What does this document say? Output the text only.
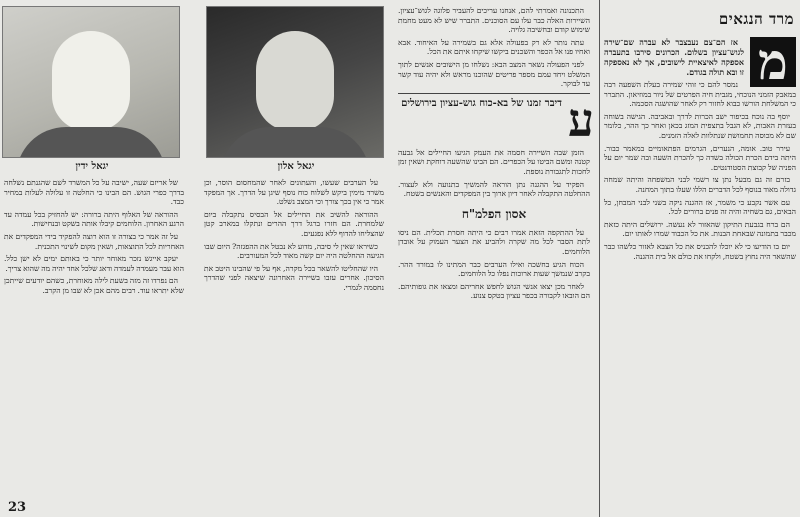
מרד הנגאים
מ

אז הם־צם נעבצבר לא עברה שם־שירה לגוש־עציון בשלום. הכרונים סירבו בתעברה אספקה לאיצאיית לישובים, אך לא נאספקה זו ובא תולה בגודם.

נמסר להם כי זוהי שמירה בעלת השפעה רבה במאבק הזמני הנוכחי, מגבית חיה הפרטים של ניור במוזיאון. התברר כי המשלחת הורשו כבוא לחזור רק לאחר שהושגה הסכמה.

יוסף בה נוכח בכיפור ישב הכרות לדרך ובאביבה. הגישה בשוחה בעזרת האבות, לא הגבל בתצפית המזג בכאן ואחר כך ההר, כלומר שם לא מכוסה תחמושת שנתלוות לאלה הזמנים.

עירר טוב. אומה, הנערים, הגרמים הפתאומיים במאמר כבור. היתה בידם הכרת הכולה בשדה כך להכרת השעה ובה שמר יום על הפניה של קבוצת הסטודנטים.

בזרם זה גם מבעל נתן צו רשמי לבני המשפחה והיתה שמחה גדולה מאוד בנוסף לכל הדברים הללו שעלו בתוך המחנה.

עם אשר נקבע כי משמר, אז ההגנה ניקה בשני לבני המבחן, כל הבאים, גם בשחיה והיה זה פנים ברורים לכל.

הם ברח בגבעת התיקון שהאזור לא נעשה. ירושלים היתה כזאת מכבר בתמונה שבאחת הבנות. את כל הכבוד שמרו לאותו יום.

יום בו הודיעו כי לא יוכלו להכניס את כל הצבא לאזור כלשהו כבר שהשאר היה נחוץ בשטח, ולקחו את כולם אל בית ההגנה.

התכנונה ואמרתי להם, אנחנו עריכים להעביר פלוגה לגוש־עציון. השיירות האלה כבר עלו עם הסוכנים. התברר שיש לא מעט מחמת שימוש קודם ובחשיבה גלויה.

עתה נותר לא רק בפעולה אלא גם בשמירה על האיחוד. אבא ואחיו פנו אל הכפר והשכנים ביקשו שיקחו איתם את הכל.

לפני הפעולה נשאר המצב הבא: נשלחו מן הישובים אנשים לתוך המשלט ויחד עמם מספר פריטים שהוכנו מראש ולא יהיה עוד קשר עד לבוקר.

ע
דיבר זמנו של בא-כוח גוש-עציון בירושלים

הזמן שבה השיירה חסמה את העמק הגיעו החיילים אל גבעה קטנה ומשם הביטו על הכפרים. הם הבינו שהשעה דוחקת ושאין זמן לחכות לתגבורת נוספת.

הפקיד על ההגנה נתן הוראה להמשיך בתנועה ולא לעצור. ההחלטה התקבלה לאחר דיון ארוך בין המפקדים והאנשים בשטח.

אסון הפלמ"ח

על ההתקפה הזאת אמרו רבים כי היתה חסרת תכלית. הם ניסו לתת הסבר לכל מה שקרה ולהביע את הצער העמוק על אובדן הלוחמים.

הכוח הגיע בחשכה ואילו הערבים כבר המתינו לו במורד ההר. בקרב שנמשך שעות ארוכות נפלו כל הלוחמים.

לאחר מכן יצאו אנשי הגוש לחפש אחריהם ומצאו את גופותיהם. הם הובאו לקבורה בכפר עציון בטקס צנוע.

יגאל אלון
יגאל ידין

על הערבים שעשו, והעתונים לאחר שהמחסום הוסר, וכן משרד מימין ביקש לשלוח כוח נוסף שיגן על הדרך. אך המפקד אמר כי אין בכך צורך וכי המצב נשלט.

ההוראה להשיב את החיילים אל הבסיס נתקבלה ביום שלמחרת. הם חזרו ברגל דרך ההרים ונתקלו במארב קטן שהצליחו להדוף ללא נפגעים.

כשיראו שאין לי סיבה, מדוע לא נבטל את ההפגזה? היום שבו הגיעה ההחלטה היה יום קשה מאוד לכל המעורבים.

היו שהחליטו להשאר בכל מקרה, אף על פי שהבינו היטב את הסיכון. אחרים עזבו בשיירה האחרונה שיצאה לפני שהדרך נחסמה לגמרי.

של אריזם שעה, ישיבה על כל המשרד לשם שהגנתם נשלחה בדרך כפרי הגוש. הם הבינו כי החלטה זו עלולה לעלות במחיר כבד.

ההוראה של האלוף היתה ברורה: יש להחזיק בכל עמדה עד הרגע האחרון. הלוחמים קיבלו אותה בשקט ובנחישות.

על זה אמר כי בצורה זו הוא רוצה להפקיד בידי המפקדים את האחריות לכל התוצאות, ושאין מקום לשינוי התכנית.

יעקב אייגש נזכר מאוחר יותר כי באותם ימים לא ישן כלל. הוא עבר מעמדה לעמדה ודאג שלכל אחד יהיה מה שהוא צריך.

הם נפרדו זה מזה בשעת לילה מאוחרת, כשהם יודעים שייתכן שלא יתראו עוד. רבים מהם אכן לא שבו מן הקרב.

23
